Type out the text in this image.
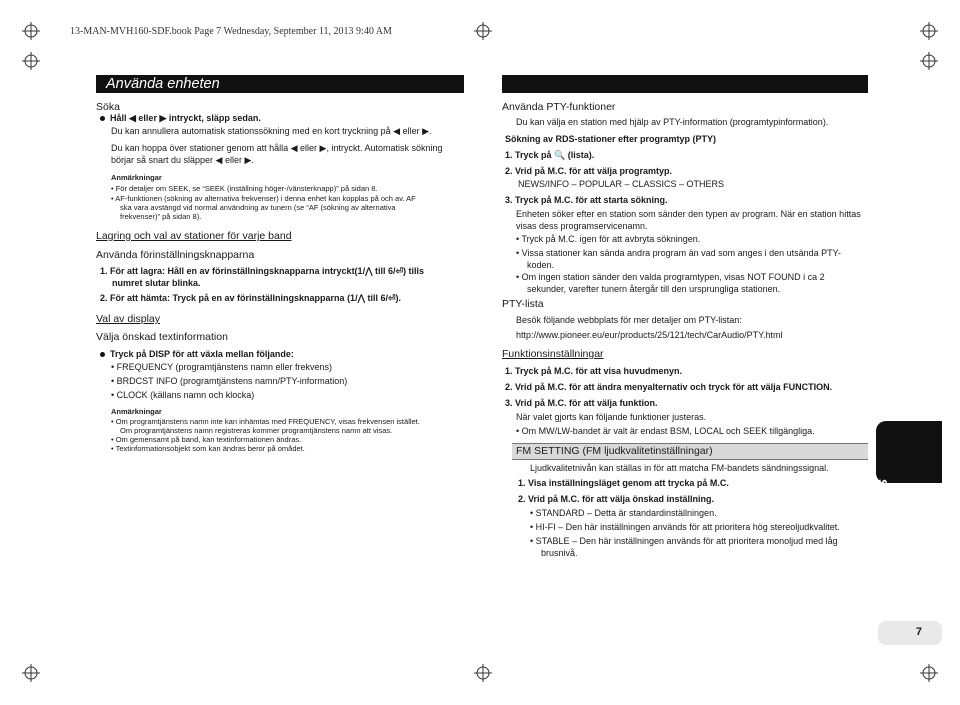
13-MAN-MVH160-SDF.book Page 7 Wednesday, September 11, 2013 9:40 AM
Använda enheten
Söka
Håll ◀ eller ▶ intryckt, släpp sedan.
Du kan annullera automatisk stationssökning med en kort tryckning på ◀ eller ▶.
Du kan hoppa över stationer genom att hålla ◀ eller ▶, intryckt. Automatisk sökning
börjar så snart du släpper ◀ eller ▶.
Anmärkningar
• För detaljer om SEEK, se “SEEK (inställning höger-/vänsterknapp)” på sidan 8.
• AF-funktionen (sökning av alternativa frekvenser) i denna enhet kan kopplas på och av. AF
ska vara avstängd vid normal användning av tunern (se “AF (sökning av alternativa
frekvenser)” på sidan 8).
Lagring och val av stationer för varje band
Använda förinställningsknapparna
1. För att lagra: Håll en av förinställningsknapparna intryckt(1/⋀ till 6/⏎) tills
numret slutar blinka.
2. För att hämta: Tryck på en av förinställningsknapparna (1/⋀ till 6/⏎).
Val av display
Välja önskad textinformation
Tryck på DISP för att växla mellan följande:
• FREQUENCY (programtjänstens namn eller frekvens)
• BRDCST INFO (programtjänstens namn/PTY-information)
• CLOCK (källans namn och klocka)
Anmärkningar
• Om programtjänstens namn inte kan inhämtas med FREQUENCY, visas frekvensen istället.
Om programtjänstens namn registreras kommer programtjänstens namn att visas.
• Om gemensamt på band, kan textinformationen ändras.
• Textinformationsobjekt som kan ändras beror på omådet.
Använda PTY-funktioner
Du kan välja en station med hjälp av PTY-information (programtypinformation).
Sökning av RDS-stationer efter programtyp (PTY)
1. Tryck på 🔍 (lista).
2. Vrid på M.C. för att välja programtyp.
NEWS/INFO – POPULAR – CLASSICS – OTHERS
3. Tryck på M.C. för att starta sökning.
Enheten söker efter en station som sänder den typen av program. När en station hittas
visas dess programservicenamn.
• Tryck på M.C. igen för att avbryta sökningen.
• Vissa stationer kan sända andra program än vad som anges i den utsända PTY-
koden.
• Om ingen station sänder den valda programtypen, visas NOT FOUND i ca 2
sekunder, varefter tunern återgår till den ursprungliga stationen.
PTY-lista
Besök följande webbplats för mer detaljer om PTY-listan:
http://www.pioneer.eu/eur/products/25/121/tech/CarAudio/PTY.html
Funktionsinställningar
1. Tryck på M.C. för att visa huvudmenyn.
2. Vrid på M.C. för att ändra menyalternativ och tryck för att välja FUNCTION.
3. Vrid på M.C. för att välja funktion.
När valet gjorts kan följande funktioner justeras.
• Om MW/LW-bandet är valt är endast BSM, LOCAL och SEEK tillgängliga.
FM SETTING (FM ljudkvalitetinställningar)
Ljudkvalitetnivån kan ställas in för att matcha FM-bandets sändningssignal.
1. Visa inställningsläget genom att trycka på M.C.
2. Vrid på M.C. för att välja önskad inställning.
• STANDARD – Detta är standardinställningen.
• HI-FI – Den här inställningen används för att prioritera hög stereoljudkvalitet.
• STABLE – Den här inställningen används för att prioritera monoljud med låg
brusnivå.
SVENSKA
7
